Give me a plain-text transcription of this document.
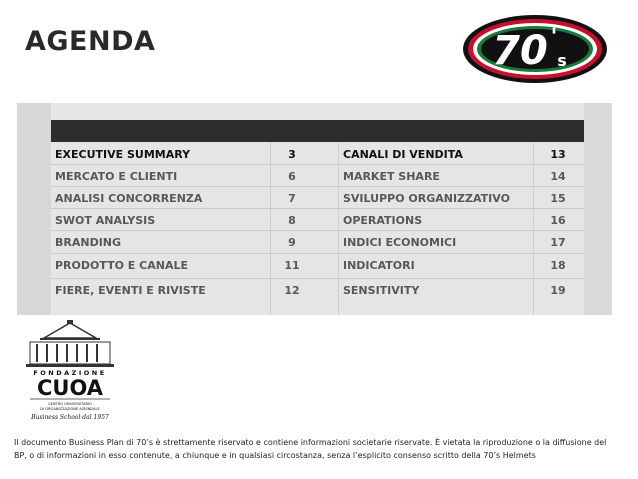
AGENDA	70 '
s
n° slide	n° slide
EXECUTIVE SUMMARY	3	CANALI DI VENDITA	13
MERCATO E CLIENTI	6	MARKET SHARE	14
ANALISI CONCORRENZA	7	SVILUPPO ORGANIZZATIVO	15
SWOT ANALYSIS	8	OPERATIONS	16
BRANDING	9	INDICI ECONOMICI	17
PRODOTTO E CANALE	11	INDICATORI	18
FIERE, EVENTI E RIVISTE	12	SENSITIVITY	19
FONDAZIONE
CUOA
CENTRO UNIVERSITARIO
DI ORGANIZZAZIONE AZIENDALE
Business School dal 1957
Il documento Business Plan di 70’s è strettamente riservato e contiene informazioni societarie riservate. È vietata la riproduzione o la diffusione del
BP, o di informazioni in esso contenute, a chiunque e in qualsiasi circostanza, senza l’esplicito consenso scritto della 70’s Helmets
